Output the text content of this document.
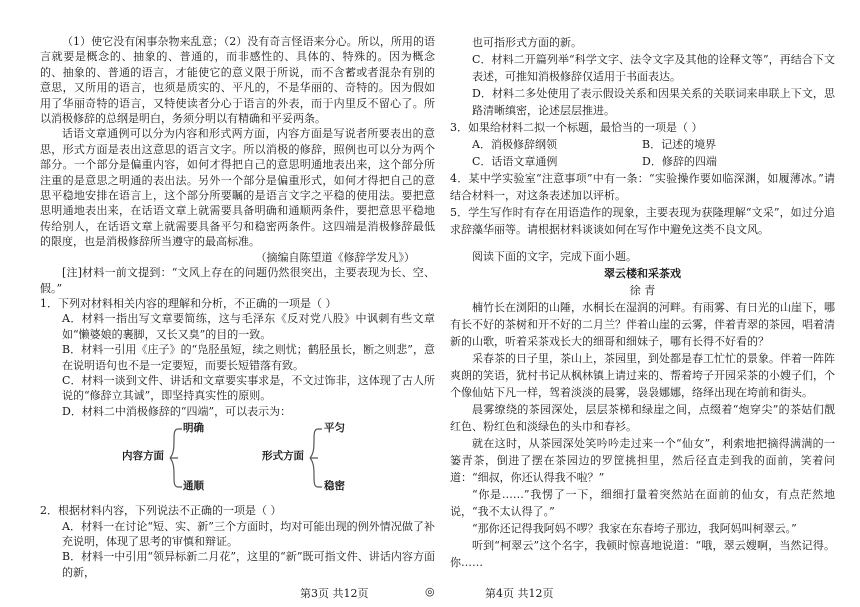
（1）使它没有闲事杂物来乱意；（2）没有奇言怪语来分心。所以，所用的语言就要是概念的、抽象的、普通的，而非感性的、具体的、特殊的。因为概念的、抽象的、普通的语言，才能使它的意义限于所说，而不含蓄或者混杂有别的意思，又所用的语言，也须是质实的、平凡的，不是华丽的、奇特的。因为假如用了华丽奇特的语言，又特使读者分心于语言的外表，而于内里反不留心了。所以消极修辞的总纲是明白，务须分明以有精确和平妥两条。

话语文章通例可以分为内容和形式两方面，内容方面是写说者所要表出的意思，形式方面是表出这意思的语言文字。所以消极的修辞，照例也可以分为两个部分。一个部分是偏重内容，如何才得把自己的意思明通地表出来，这个部分所注重的是意思之明通的表出法。另外一个部分是偏重形式，如何才得把自己的意思平稳地安排在语言上，这个部分所要瞩的是语言文字之平稳的使用法。要把意思明通地表出来，在话语文章上就需要具备明确和通顺两条件，要把意思平稳地传给别人，在话语文章上就需要具备平匀和稳密两条件。这四端是消极修辞最低的限度，也是消极修辞所当遵守的最高标准。

（摘编自陈望道《修辞学发凡》）

[注]材料一前文提到：“文风上存在的问题仍然很突出，主要表现为长、空、假。”

1．下列对材料相关内容的理解和分析，不正确的一项是（ ）

A．材料一指出写文章要简练，这与毛泽东《反对党八股》中讽刺有些文章如“懒婆娘的裹脚，又长又臭”的目的一致。

B．材料一引用《庄子》的“凫胫虽短，续之则忧；鹤胫虽长，断之则悲”，意在说明语句也不是一定要短，而要长短错落有致。

C．材料一谈到文件、讲话和文章要实事求是，不文过饰非，这体现了古人所说的“修辞立其诚”，即坚持真实性的原则。

D．材料二中消极修辞的“四端”，可以表示为：

内容方面
明确
通顺
形式方面
平匀
稳密

2．根据材料内容，下列说法不正确的一项是（ ）

A．材料一在讨论“短、实、新”三个方面时，均对可能出现的例外情况做了补充说明，体现了思考的审慎和辩证。

B．材料一中引用“领异标新二月花”，这里的“新”既可指文件、讲话内容方面的新，

也可指形式方面的新。

C．材料二开篇列举“科学文字、法令文字及其他的诠释文等”，再结合下文表述，可推知消极修辞仅适用于书面表达。

D．材料二多处使用了表示假设关系和因果关系的关联词来串联上下文，思路清晰缜密，论述层层推进。

3．如果给材料二拟一个标题，最恰当的一项是（ ）

A．消极修辞纲领	B．记述的境界
C．话语文章通例	D．修辞的四端

4．某中学实验室“注意事项”中有一条：“实验操作要如临深渊，如履薄冰。”请结合材料一，对这条表述加以评析。

5．学生写作时有存在用语造作的现象，主要表现为获隆理解“文采”，如过分追求辞藻华丽等。请根据材料谈谈如何在写作中避免这类不良文风。

阅读下面的文字，完成下面小题。

翠云楼和采茶戏

徐 青

楠竹长在浏阳的山陲，水桐长在湿润的河畔。有雨雾、有日光的山崖下，哪有长不好的茶树和开不好的二月兰？伴着山崖的云雾，伴着青翠的茶园，唱着清新的山歌，听着采茶戏长大的细哥和细妹子，哪有长得不好看的？

采春茶的日子里，茶山上，茶园里，到处都是春工忙忙的景象。伴着一阵阵爽朗的笑语，犹村书记从枫林镇上请过来的、帮着垮子开园采茶的小嫂子们，个个像仙姑下凡一样，驾着淡淡的晨雾，袅袅娜娜，络绎出现在垮前和街头。

晨雾缭绕的茶园深处，层层茶梯和绿崖之间，点缀着“炮穿尖”的茶姑们靓红色、粉红色和淡绿色的头巾和春衫。

就在这时，从茶园深处笑吟吟走过来一个“仙女”，利索地把摘得满满的一篓青茶，倒进了摆在茶园边的罗筐挑担里，然后径直走到我的面前，笑着问道：“细叔，你还认得我不啦？”

“你是……”我愣了一下，细细打量着突然站在面前的仙女，有点茫然地说，“我不太认得了。”

“那你还记得我阿妈不啰？我家在东春垮子那边，我阿妈叫柯翠云。”

听到“柯翠云”这个名字，我顿时惊喜地说道：“哦，翠云嫂啊，当然记得。你……

第3页 共12页	◎	第4页 共12页
